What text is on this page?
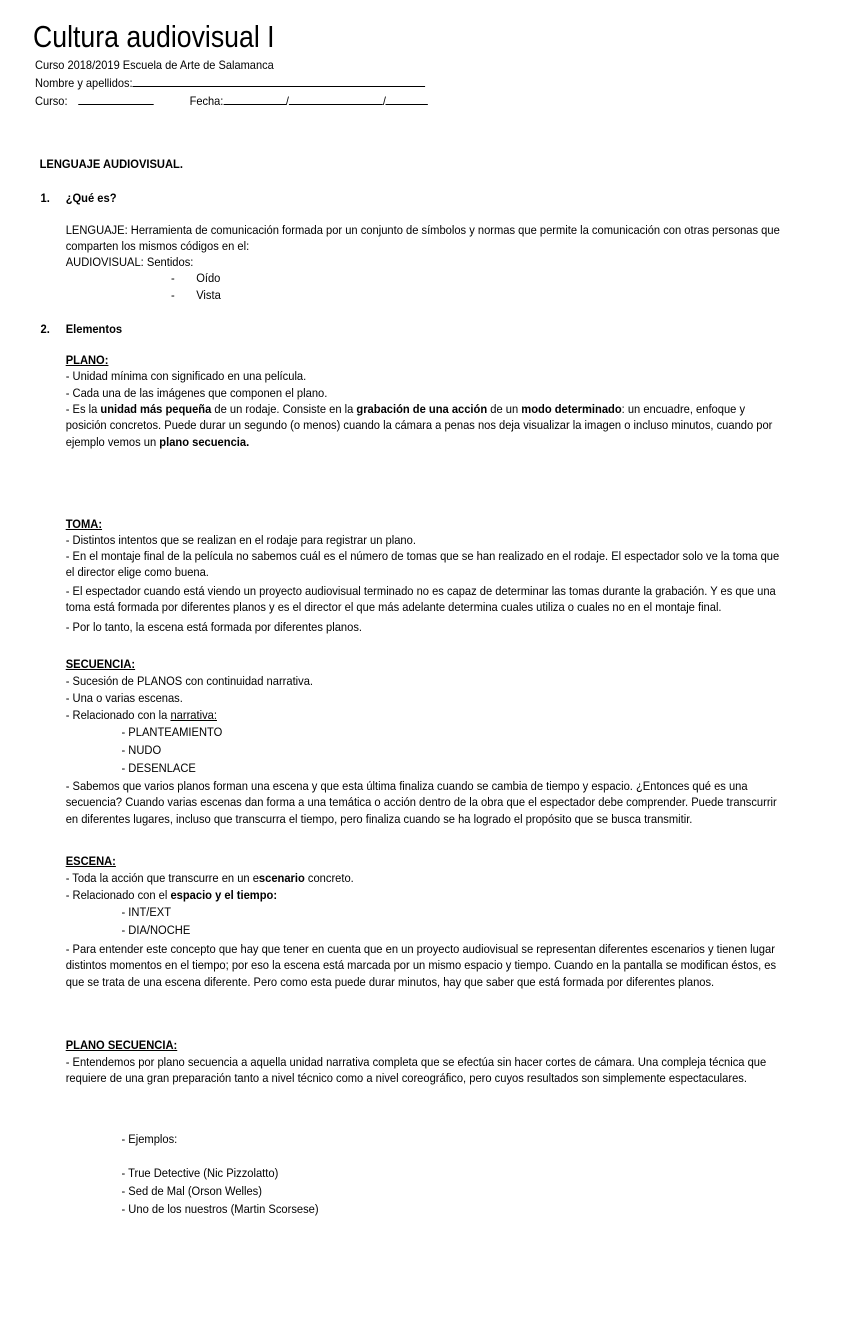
Cultura audiovisual I
Curso 2018/2019 Escuela de Arte de Salamanca
Nombre y apellidos:
Curso:	Fecha:	/	/
LENGUAJE AUDIOVISUAL.
1. ¿Qué es?
LENGUAJE: Herramienta de comunicación formada por un conjunto de símbolos y normas que permite la comunicación con otras personas que comparten los mismos códigos en el:
AUDIOVISUAL: Sentidos:
- Oído
- Vista
2. Elementos
PLANO:
- Unidad mínima con significado en una película.
- Cada una de las imágenes que componen el plano.
- Es la unidad más pequeña de un rodaje. Consiste en la grabación de una acción de un modo determinado: un encuadre, enfoque y posición concretos. Puede durar un segundo (o menos) cuando la cámara a penas nos deja visualizar la imagen o incluso minutos, cuando por ejemplo vemos un plano secuencia.
TOMA:
- Distintos intentos que se realizan en el rodaje para registrar un plano.
- En el montaje final de la película no sabemos cuál es el número de tomas que se han realizado en el rodaje. El espectador solo ve la toma que el director elige como buena.
- El espectador cuando está viendo un proyecto audiovisual terminado no es capaz de determinar las tomas durante la grabación. Y es que una toma está formada por diferentes planos y es el director el que más adelante determina cuales utiliza o cuales no en el montaje final.
- Por lo tanto, la escena está formada por diferentes planos.
SECUENCIA:
- Sucesión de PLANOS con continuidad narrativa.
- Una o varias escenas.
- Relacionado con la narrativa:
- PLANTEAMIENTO
- NUDO
- DESENLACE
- Sabemos que varios planos forman una escena y que esta última finaliza cuando se cambia de tiempo y espacio. ¿Entonces qué es una secuencia? Cuando varias escenas dan forma a una temática o acción dentro de la obra que el espectador debe comprender. Puede transcurrir en diferentes lugares, incluso que transcurra el tiempo, pero finaliza cuando se ha logrado el propósito que se busca transmitir.
ESCENA:
- Toda la acción que transcurre en un escenario concreto.
- Relacionado con el espacio y el tiempo:
- INT/EXT
- DIA/NOCHE
- Para entender este concepto que hay que tener en cuenta que en un proyecto audiovisual se representan diferentes escenarios y tienen lugar distintos momentos en el tiempo; por eso la escena está marcada por un mismo espacio y tiempo. Cuando en la pantalla se modifican éstos, es que se trata de una escena diferente. Pero como esta puede durar minutos, hay que saber que está formada por diferentes planos.
PLANO SECUENCIA:
- Entendemos por plano secuencia a aquella unidad narrativa completa que se efectúa sin hacer cortes de cámara. Una compleja técnica que requiere de una gran preparación tanto a nivel técnico como a nivel coreográfico, pero cuyos resultados son simplemente espectaculares.
- Ejemplos:
- True Detective (Nic Pizzolatto)
- Sed de Mal (Orson Welles)
- Uno de los nuestros (Martin Scorsese)
